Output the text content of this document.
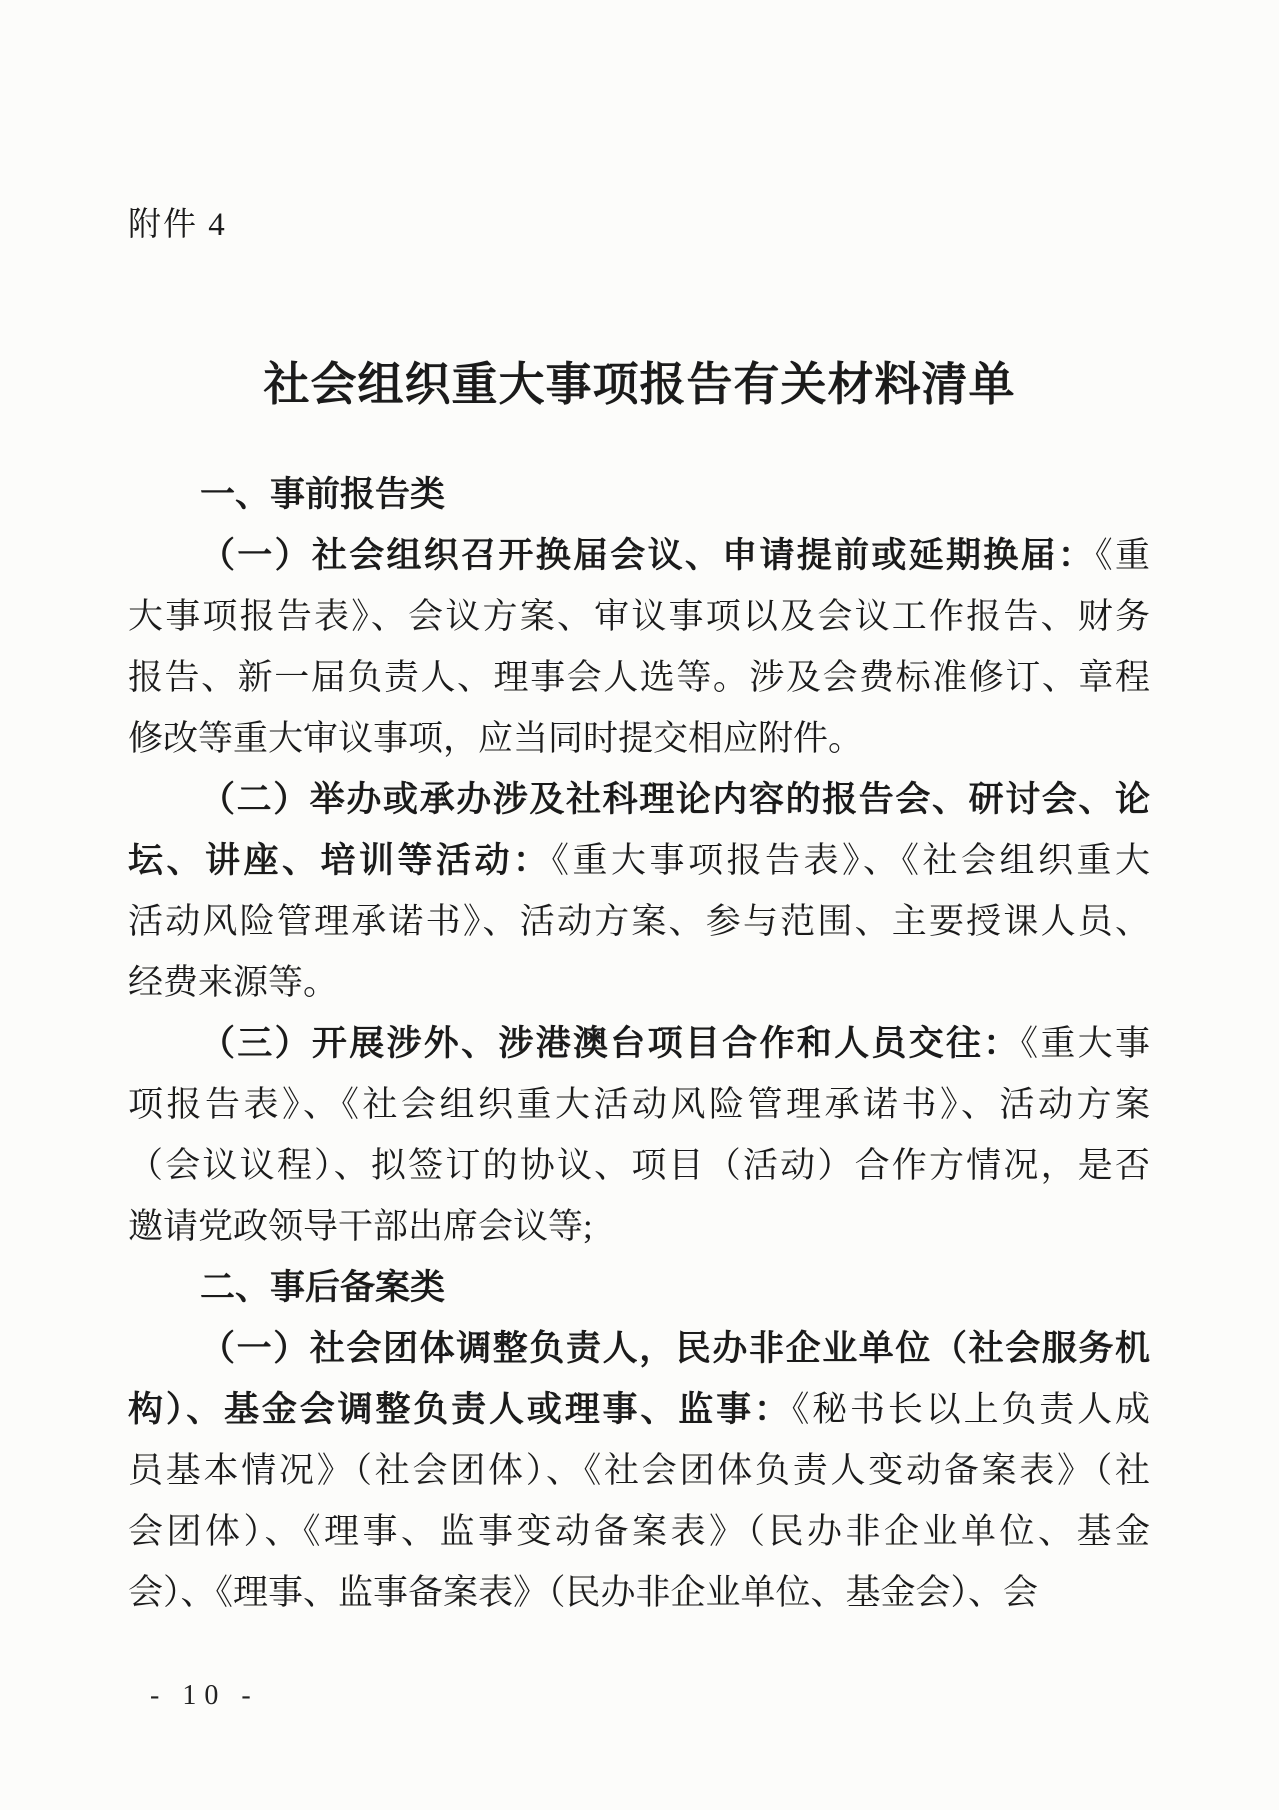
附件 4
社会组织重大事项报告有关材料清单
一、事前报告类
（一）社会组织召开换届会议、申请提前或延期换届：《重
大事项报告表》、会议方案、审议事项以及会议工作报告、财务
报告、新一届负责人、理事会人选等。涉及会费标准修订、章程
修改等重大审议事项，应当同时提交相应附件。
（二）举办或承办涉及社科理论内容的报告会、研讨会、论
坛、讲座、培训等活动：《重大事项报告表》、《社会组织重大
活动风险管理承诺书》、活动方案、参与范围、主要授课人员、
经费来源等。
（三）开展涉外、涉港澳台项目合作和人员交往：《重大事
项报告表》、《社会组织重大活动风险管理承诺书》、活动方案
（会议议程）、拟签订的协议、项目（活动）合作方情况，是否
邀请党政领导干部出席会议等;
二、事后备案类
（一）社会团体调整负责人，民办非企业单位（社会服务机
构）、基金会调整负责人或理事、监事：《秘书长以上负责人成
员基本情况》（社会团体）、《社会团体负责人变动备案表》（社
会团体）、《理事、监事变动备案表》（民办非企业单位、基金
会）、《理事、监事备案表》（民办非企业单位、基金会）、会
- 10 -
